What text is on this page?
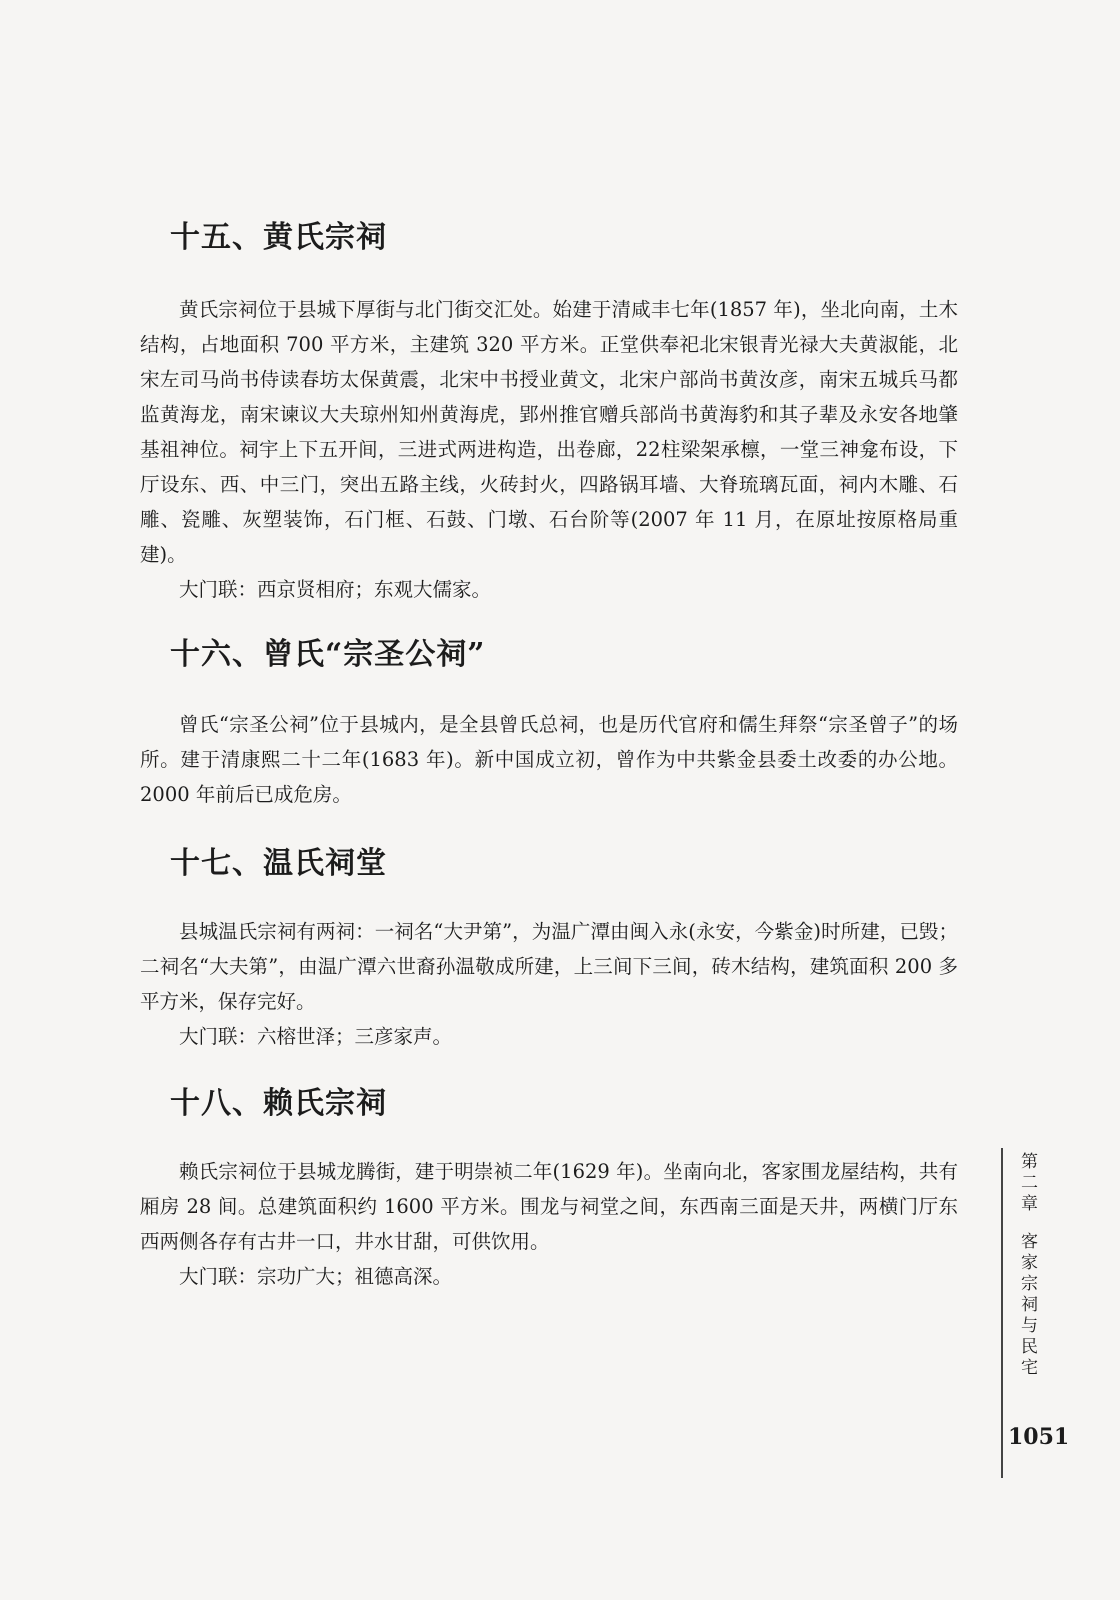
十五、黄氏宗祠

黄氏宗祠位于县城下厚街与北门街交汇处。始建于清咸丰七年(1857 年)，坐北向南，土木结构，占地面积 700 平方米，主建筑 320 平方米。正堂供奉祀北宋银青光禄大夫黄淑能，北宋左司马尚书侍读春坊太保黄震，北宋中书授业黄文，北宋户部尚书黄汝彦，南宋五城兵马都监黄海龙，南宋谏议大夫琼州知州黄海虎，郢州推官赠兵部尚书黄海豹和其子辈及永安各地肇基祖神位。祠宇上下五开间，三进式两进构造，出卷廊，22柱梁架承檩，一堂三神龛布设，下厅设东、西、中三门，突出五路主线，火砖封火，四路锅耳墙、大脊琉璃瓦面，祠内木雕、石雕、瓷雕、灰塑装饰，石门框、石鼓、门墩、石台阶等(2007 年 11 月，在原址按原格局重建)。

大门联：西京贤相府；东观大儒家。

十六、曾氏“宗圣公祠”

曾氏“宗圣公祠”位于县城内，是全县曾氏总祠，也是历代官府和儒生拜祭“宗圣曾子”的场所。建于清康熙二十二年(1683 年)。新中国成立初，曾作为中共紫金县委土改委的办公地。2000 年前后已成危房。

十七、温氏祠堂

县城温氏宗祠有两祠：一祠名“大尹第”，为温广潭由闽入永(永安，今紫金)时所建，已毁；二祠名“大夫第”，由温广潭六世裔孙温敬成所建，上三间下三间，砖木结构，建筑面积 200 多平方米，保存完好。

大门联：六榕世泽；三彦家声。

十八、赖氏宗祠

赖氏宗祠位于县城龙腾街，建于明崇祯二年(1629 年)。坐南向北，客家围龙屋结构，共有厢房 28 间。总建筑面积约 1600 平方米。围龙与祠堂之间，东西南三面是天井，两横门厅东西两侧各存有古井一口，井水甘甜，可供饮用。

大门联：宗功广大；祖德高深。

第二章
客家宗祠与民宅
1051
